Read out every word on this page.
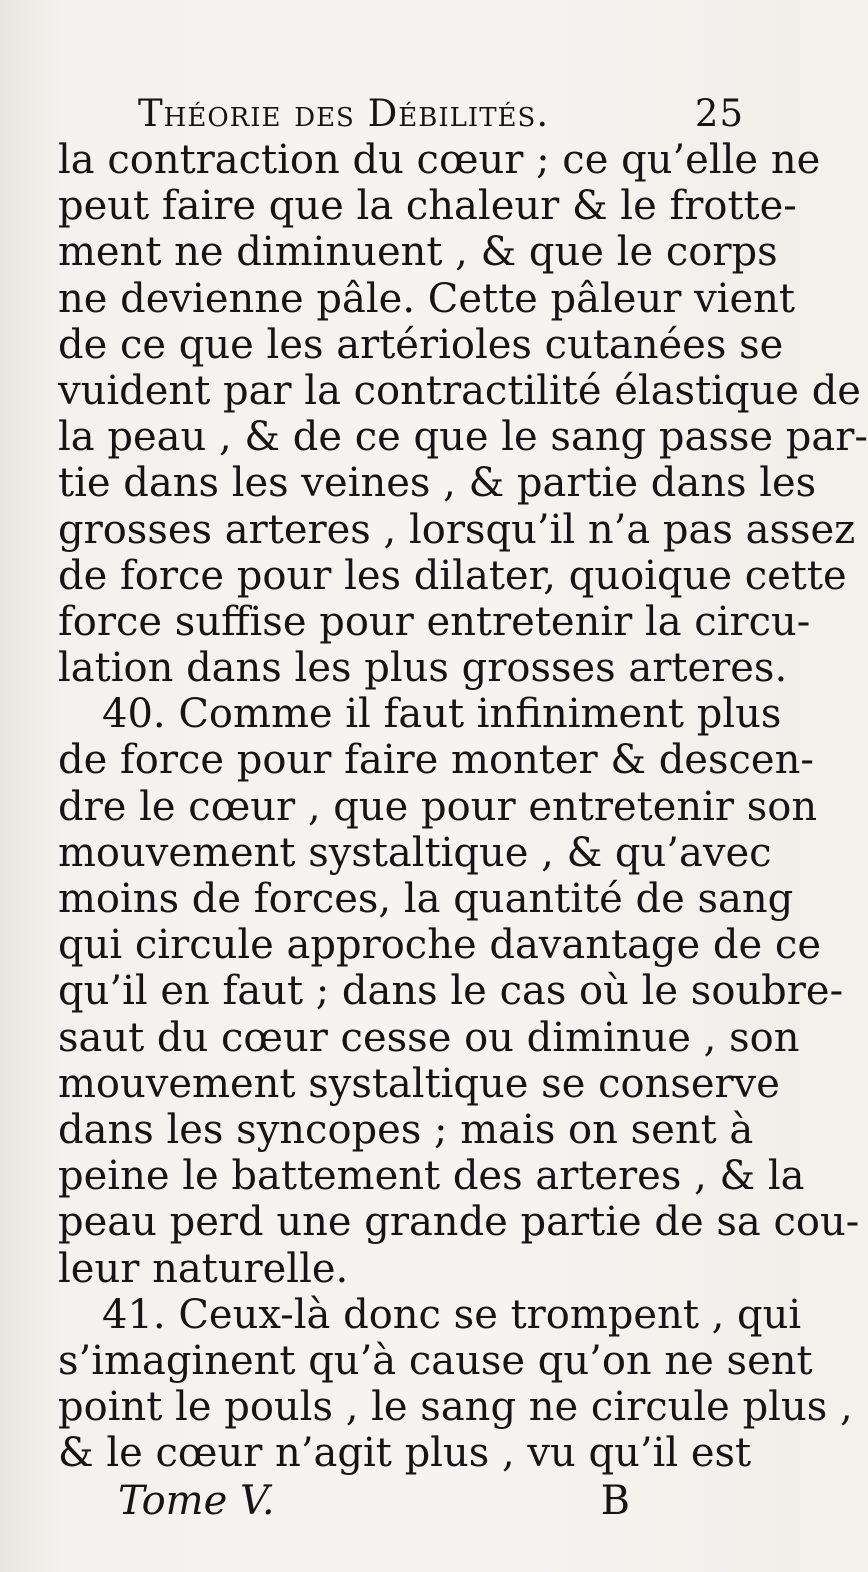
Théorie des Débilités.	25
la contraction du cœur ; ce qu’elle ne
peut faire que la chaleur & le frotte-
ment ne diminuent , & que le corps
ne devienne pâle. Cette pâleur vient
de ce que les artérioles cutanées se
vuident par la contractilité élastique de
la peau , & de ce que le sang passe par-
tie dans les veines , & partie dans les
grosses arteres , lorsqu’il n’a pas assez
de force pour les dilater, quoique cette
force suffise pour entretenir la circu-
lation dans les plus grosses arteres.
40. Comme il faut infiniment plus
de force pour faire monter & descen-
dre le cœur , que pour entretenir son
mouvement systaltique , & qu’avec
moins de forces, la quantité de sang
qui circule approche davantage de ce
qu’il en faut ; dans le cas où le soubre-
saut du cœur cesse ou diminue , son
mouvement systaltique se conserve
dans les syncopes ; mais on sent à
peine le battement des arteres , & la
peau perd une grande partie de sa cou-
leur naturelle.
41. Ceux-là donc se trompent , qui
s’imaginent qu’à cause qu’on ne sent
point le pouls , le sang ne circule plus ,
& le cœur n’agit plus , vu qu’il est
Tome V.	B
